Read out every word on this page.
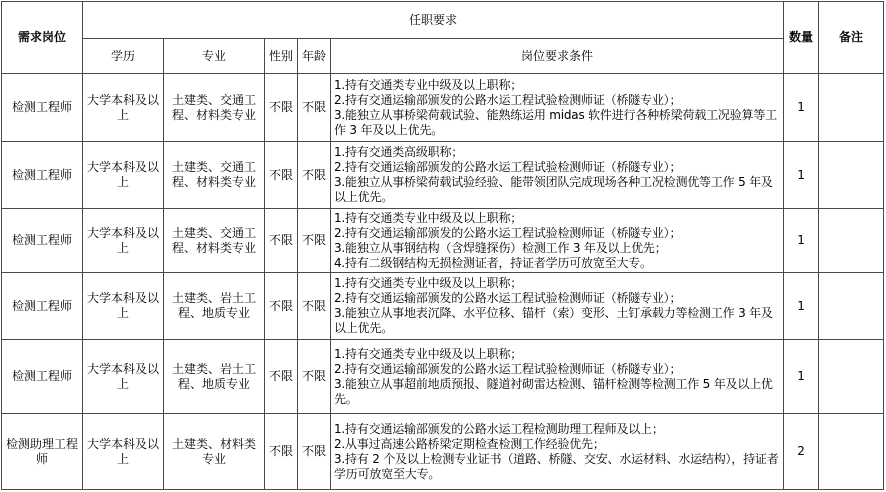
需求岗位	任职要求					数量	备注
	学历	专业	性别	年龄	岗位要求条件		
检测工程师	大学本科及以上	土建类、交通工程、材料类专业	不限	不限	1.持有交通类专业中级及以上职称；
2.持有交通运输部颁发的公路水运工程试验检测师证（桥隧专业）；
3.能独立从事桥梁荷载试验、能熟练运用 midas 软件进行各种桥梁荷载工况验算等工作 3 年及以上优先。	1	
检测工程师	大学本科及以上	土建类、交通工程、材料类专业	不限	不限	1.持有交通类高级职称；
2.持有交通运输部颁发的公路水运工程试验检测师证（桥隧专业）；
3.能独立从事桥梁荷载试验经验、能带领团队完成现场各种工况检测优等工作 5 年及以上优先。	1	
检测工程师	大学本科及以上	土建类、交通工程、材料类专业	不限	不限	1.持有交通类专业中级及以上职称；
2.持有交通运输部颁发的公路水运工程试验检测师证（桥隧专业）；
3.能独立从事钢结构（含焊缝探伤）检测工作 3 年及以上优先；
4.持有二级钢结构无损检测证者，持证者学历可放宽至大专。	1	
检测工程师	大学本科及以上	土建类、岩土工程、地质专业	不限	不限	1.持有交通类专业中级及以上职称；
2.持有交通运输部颁发的公路水运工程试验检测师证（桥隧专业）；
3.能独立从事地表沉降、水平位移、锚杆（索）变形、土钉承载力等检测工作 3 年及以上优先。	1	
检测工程师	大学本科及以上	土建类、岩土工程、地质专业	不限	不限	1.持有交通类专业中级及以上职称；
2.持有交通运输部颁发的公路水运工程试验检测师证（桥隧专业）；
3.能独立从事超前地质预报、隧道衬砌雷达检测、锚杆检测等检测工作 5 年及以上优先。	1	
检测助理工程师	大学本科及以上	土建类、材料类专业	不限	不限	1.持有交通运输部颁发的公路水运工程检测助理工程师及以上；
2.从事过高速公路桥梁定期检查检测工作经验优先；
3.持有 2 个及以上检测专业证书（道路、桥隧、交安、水运材料、水运结构），持证者学历可放宽至大专。	2	
